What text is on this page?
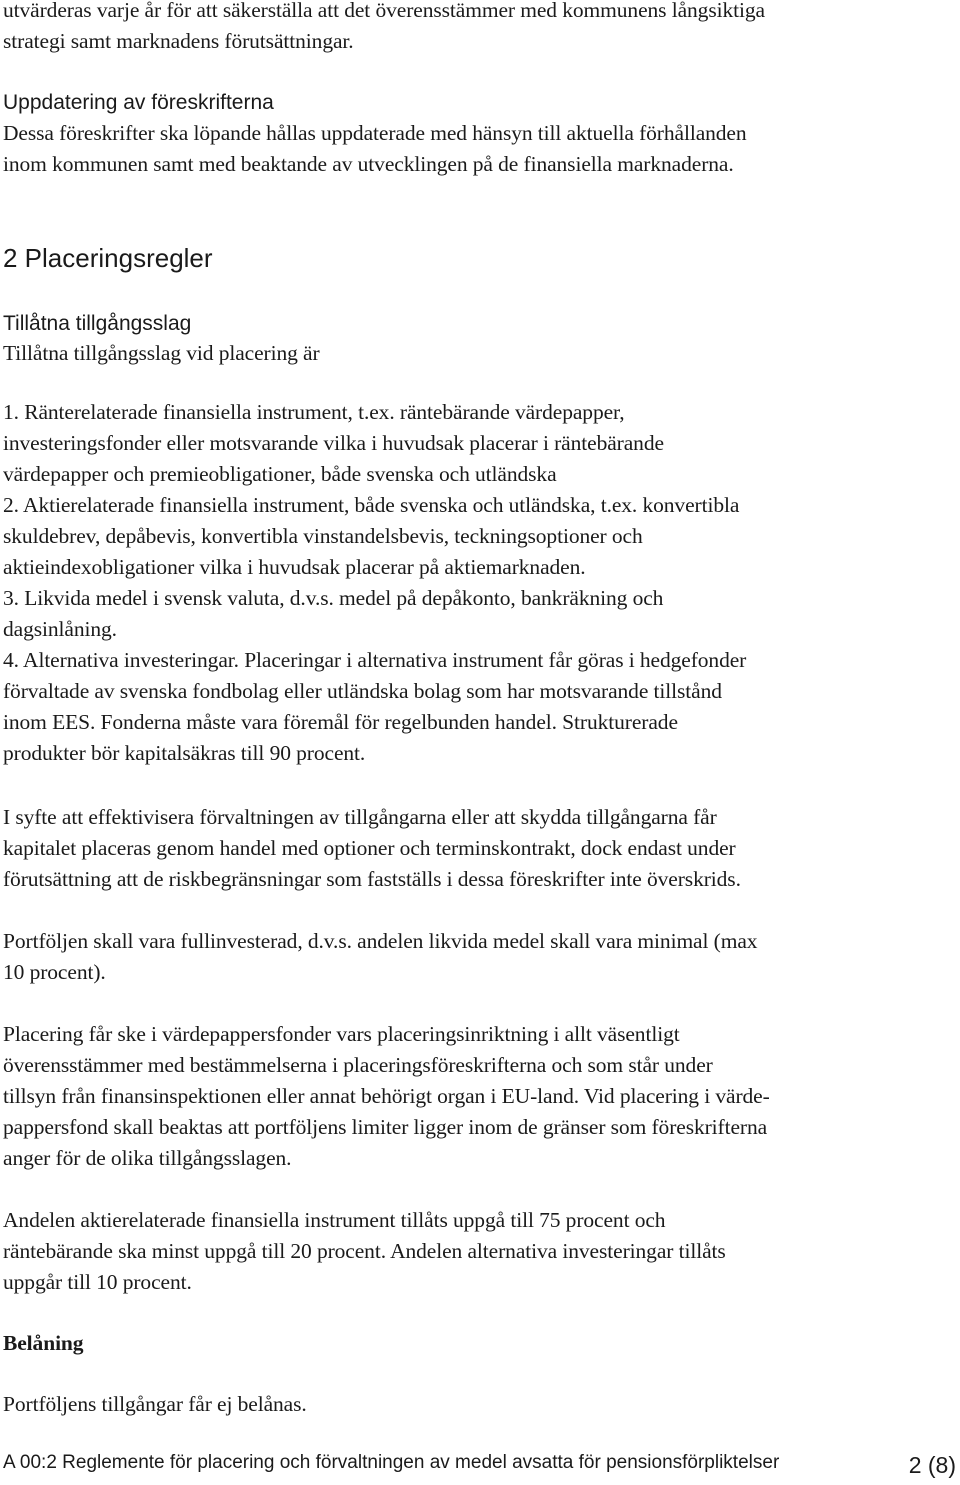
utvärderas varje år för att säkerställa att det överensstämmer med kommunens långsiktiga
strategi samt marknadens förutsättningar.
Uppdatering av föreskrifterna
Dessa föreskrifter ska löpande hållas uppdaterade med hänsyn till aktuella förhållanden
inom kommunen samt med beaktande av utvecklingen på de finansiella marknaderna.
2 Placeringsregler
Tillåtna tillgångsslag
Tillåtna tillgångsslag vid placering är
1. Ränterelaterade finansiella instrument, t.ex. räntebärande värdepapper,
investeringsfonder eller motsvarande vilka i huvudsak placerar i räntebärande
värdepapper och premieobligationer, både svenska och utländska
2. Aktierelaterade finansiella instrument, både svenska och utländska, t.ex. konvertibla
skuldebrev, depåbevis, konvertibla vinstandelsbevis, teckningsoptioner och
aktieindexobligationer vilka i huvudsak placerar på aktiemarknaden.
3. Likvida medel i svensk valuta, d.v.s. medel på depåkonto, bankräkning och
dagsinlåning.
4. Alternativa investeringar. Placeringar i alternativa instrument får göras i hedgefonder
förvaltade av svenska fondbolag eller utländska bolag som har motsvarande tillstånd
inom EES. Fonderna måste vara föremål för regelbunden handel. Strukturerade
produkter bör kapitalsäkras till 90 procent.
I syfte att effektivisera förvaltningen av tillgångarna eller att skydda tillgångarna får
kapitalet placeras genom handel med optioner och terminskontrakt, dock endast under
förutsättning att de riskbegränsningar som fastställs i dessa föreskrifter inte överskrids.
Portföljen skall vara fullinvesterad, d.v.s. andelen likvida medel skall vara minimal (max
10 procent).
Placering får ske i värdepappersfonder vars placeringsinriktning i allt väsentligt
överensstämmer med bestämmelserna i placeringsföreskrifterna och som står under
tillsyn från finansinspektionen eller annat behörigt organ i EU-land. Vid placering i värde-
pappersfond skall beaktas att portföljens limiter ligger inom de gränser som föreskrifterna
anger för de olika tillgångsslagen.
Andelen aktierelaterade finansiella instrument tillåts uppgå till 75 procent och
räntebärande ska minst uppgå till 20 procent. Andelen alternativa investeringar tillåts
uppgår till 10 procent.
Belåning
Portföljens tillgångar får ej belånas.
A 00:2 Reglemente för placering och förvaltningen av medel avsatta för pensionsförpliktelser	2 (8)
